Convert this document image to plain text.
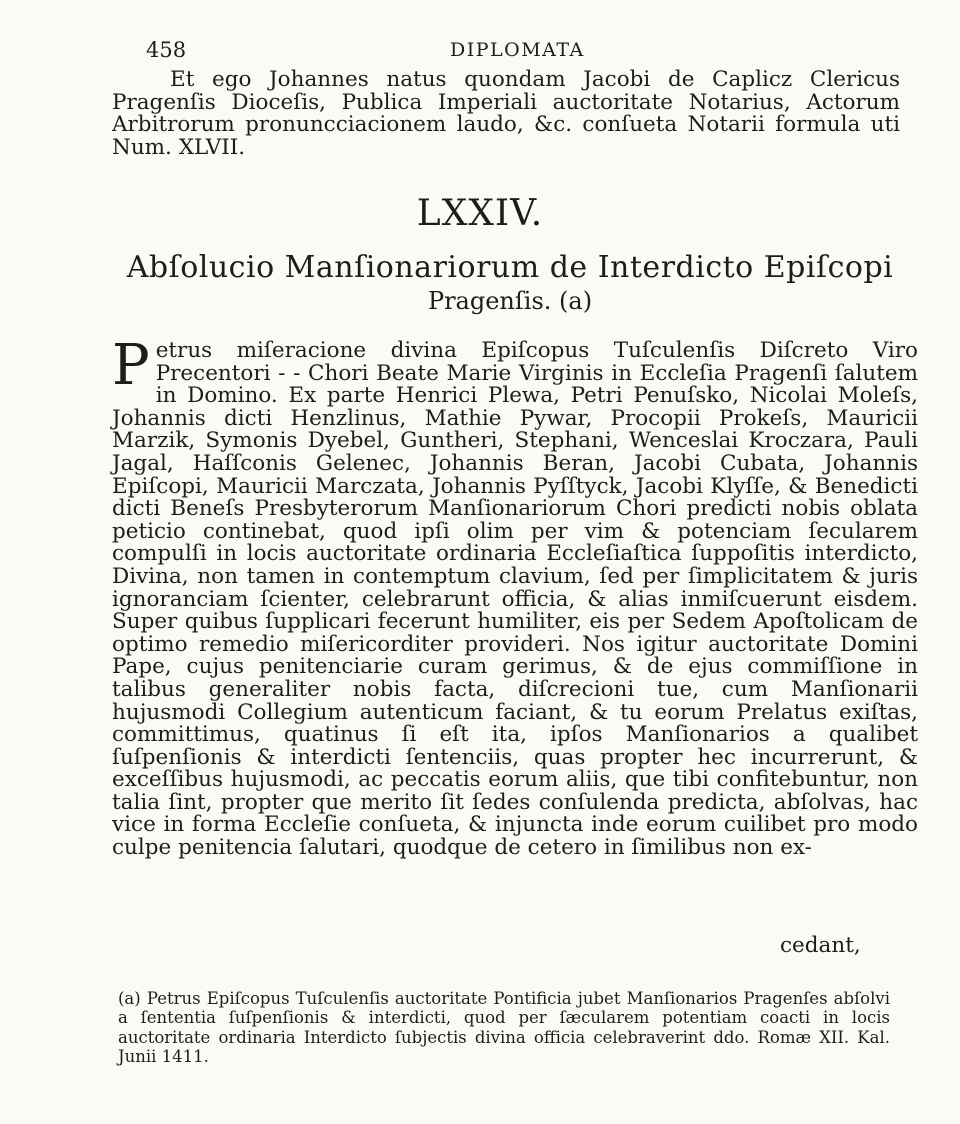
458	DIPLOMATA

Et ego Johannes natus quondam Jacobi de Caplicz Clericus Pragenſis Dioceſis, Publica Imperiali auctoritate Notarius, Actorum Arbitrorum pronuncciacionem laudo, &c. conſueta Notarii formula uti Num. XLVII.

LXXIV.
Abſolucio Manſionariorum de Interdicto Epiſcopi
Pragenſis. (a)

Petrus miſeracione divina Epiſcopus Tuſculenſis Diſcreto Viro Precentori - - Chori Beate Marie Virginis in Eccleſia Pragenſi ſalutem in Domino. Ex parte Henrici Plewa, Petri Penuſsko, Nicolai Moleſs, Johannis dicti Henzlinus, Mathie Pywar, Procopii Prokeſs, Mauricii Marzik, Symonis Dyebel, Guntheri, Stephani, Wenceslai Kroczara, Pauli Jagal, Haſſconis Gelenec, Johannis Beran, Jacobi Cubata, Johannis Epiſcopi, Mauricii Marczata, Johannis Pyſſtyck, Jacobi Klyſſe, & Benedicti dicti Beneſs Presbyterorum Manſionariorum Chori predicti nobis oblata peticio continebat, quod ipſi olim per vim & potenciam ſecularem compulſi in locis auctoritate ordinaria Eccleſiaſtica ſuppoſitis interdicto, Divina, non tamen in contemptum clavium, ſed per ſimplicitatem & juris ignoranciam ſcienter, celebrarunt officia, & alias inmiſcuerunt eisdem. Super quibus ſupplicari fecerunt humiliter, eis per Sedem Apoſtolicam de optimo remedio miſericorditer provideri. Nos igitur auctoritate Domini Pape, cujus penitenciarie curam gerimus, & de ejus commiſſione in talibus generaliter nobis facta, diſcrecioni tue, cum Manſionarii hujusmodi Collegium autenticum faciant, & tu eorum Prelatus exiſtas, committimus, quatinus ſi eſt ita, ipſos Manſionarios a qualibet ſuſpenſionis & interdicti ſentenciis, quas propter hec incurrerunt, & exceſſibus hujusmodi, ac peccatis eorum aliis, que tibi confitebuntur, non talia ſint, propter que merito ſit ſedes conſulenda predicta, abſolvas, hac vice in forma Eccleſie conſueta, & injuncta inde eorum cuilibet pro modo culpe penitencia ſalutari, quodque de cetero in ſimilibus non ex-

cedant,

(a) Petrus Epiſcopus Tuſculenſis auctoritate Pontificia jubet Manſionarios Pragenſes abſolvi a ſententia ſuſpenſionis & interdicti, quod per ſæcularem potentiam coacti in locis auctoritate ordinaria Interdicto ſubjectis divina officia celebraverint ddo. Romæ XII. Kal. Junii 1411.
